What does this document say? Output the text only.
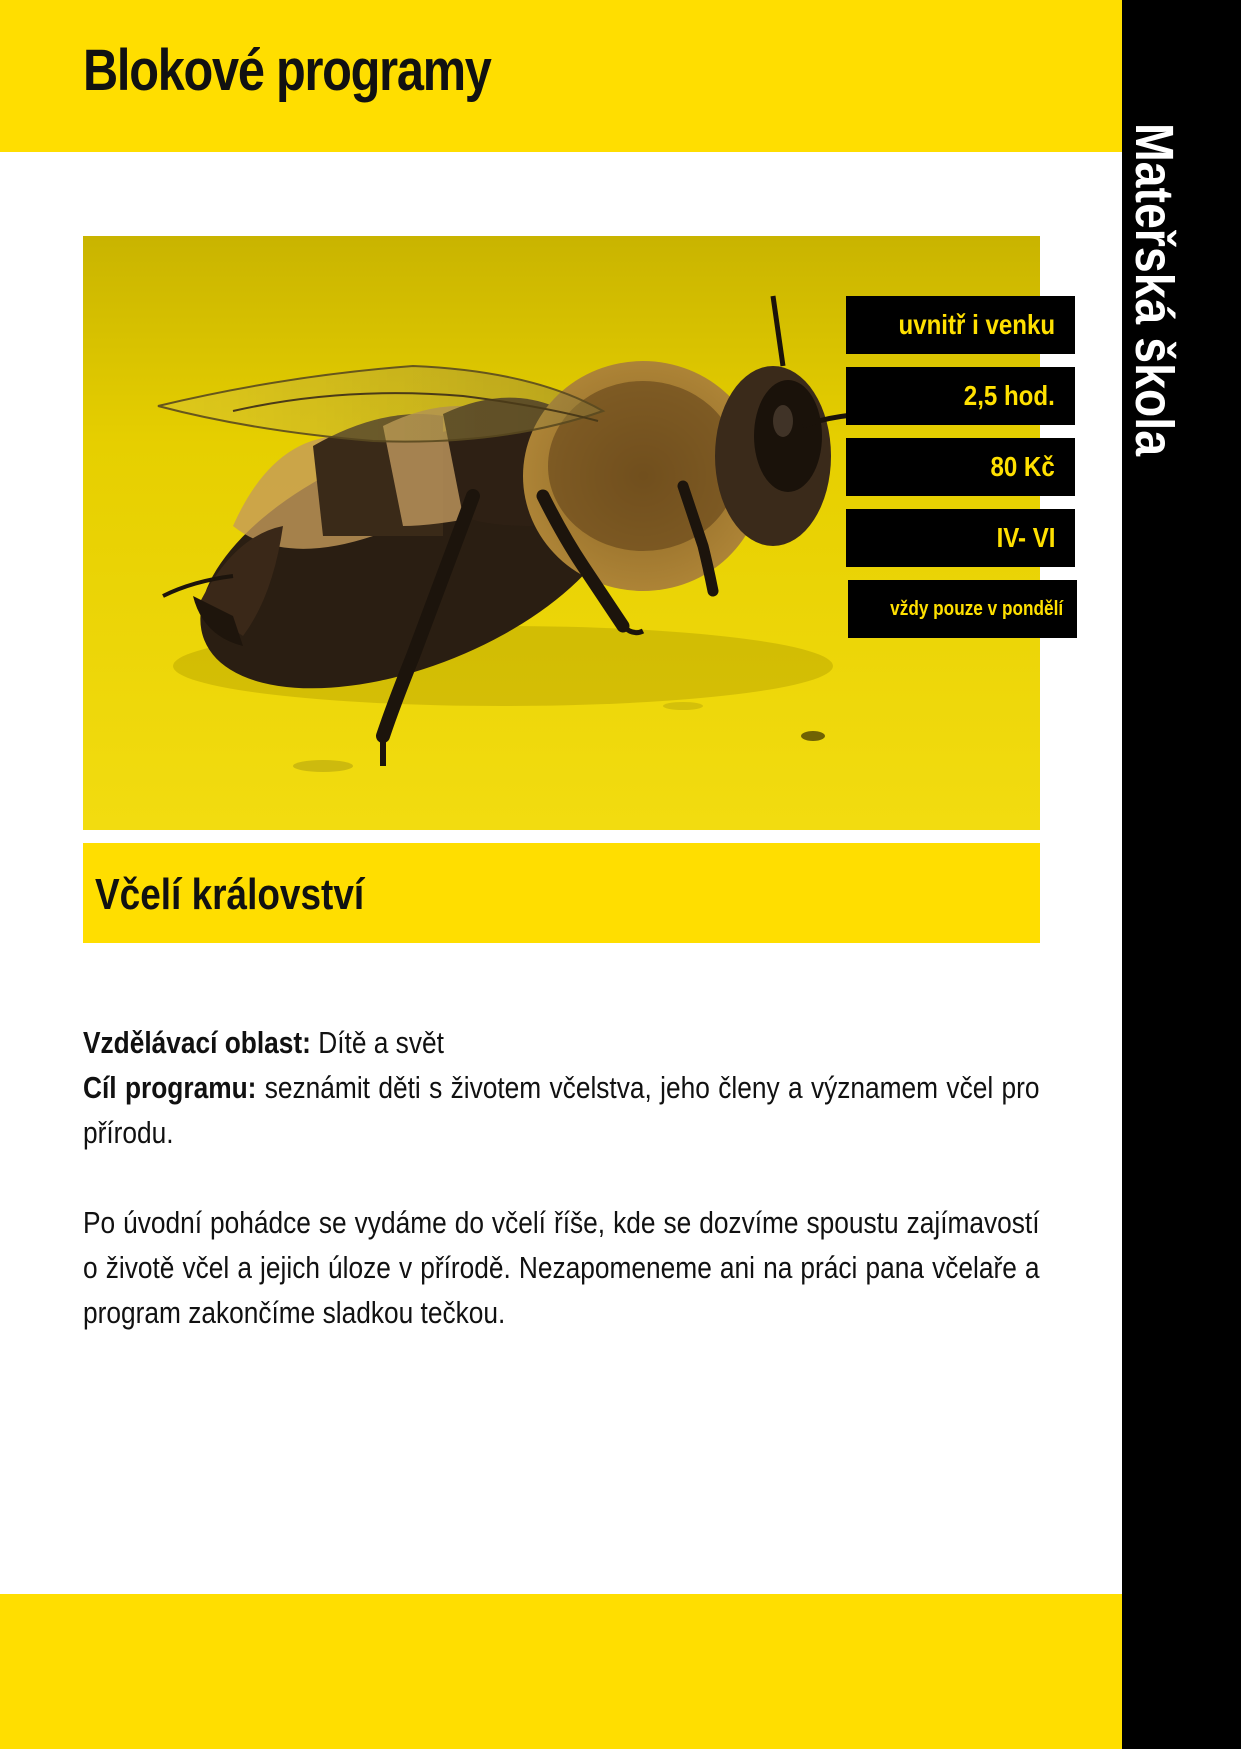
Blokové programy
Mateřská škola
uvnitř i venku
2,5 hod.
80 Kč
IV- VI
vždy pouze v pondělí
Včelí království

Vzdělávací oblast: Dítě a svět

Cíl programu: seznámit děti s životem včelstva, jeho členy a významem včel pro přírodu.

Po úvodní pohádce se vydáme do včelí říše, kde se dozvíme spoustu zajímavostí o životě včel a jejich úloze v přírodě. Nezapomeneme ani na práci pana včelaře a program zakončíme sladkou tečkou.
